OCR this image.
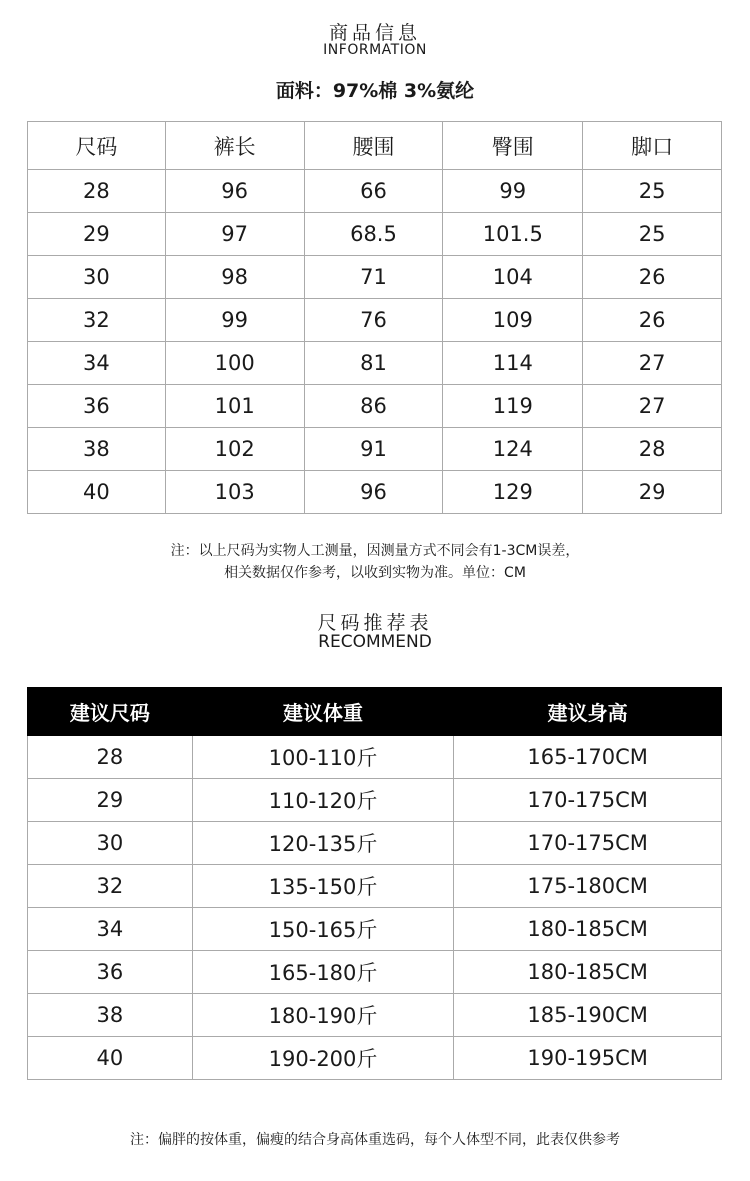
商品信息
INFORMATION
面料：97%棉 3%氨纶
尺码	裤长	腰围	臀围	脚口
28	96	66	99	25
29	97	68.5	101.5	25
30	98	71	104	26
32	99	76	109	26
34	100	81	114	27
36	101	86	119	27
38	102	91	124	28
40	103	96	129	29
注：以上尺码为实物人工测量，因测量方式不同会有1-3CM误差，
相关数据仅作参考，以收到实物为准。单位：CM
尺码推荐表
RECOMMEND
建议尺码	建议体重	建议身高
28	100-110斤	165-170CM
29	110-120斤	170-175CM
30	120-135斤	170-175CM
32	135-150斤	175-180CM
34	150-165斤	180-185CM
36	165-180斤	180-185CM
38	180-190斤	185-190CM
40	190-200斤	190-195CM
注：偏胖的按体重，偏瘦的结合身高体重选码，每个人体型不同，此表仅供参考
